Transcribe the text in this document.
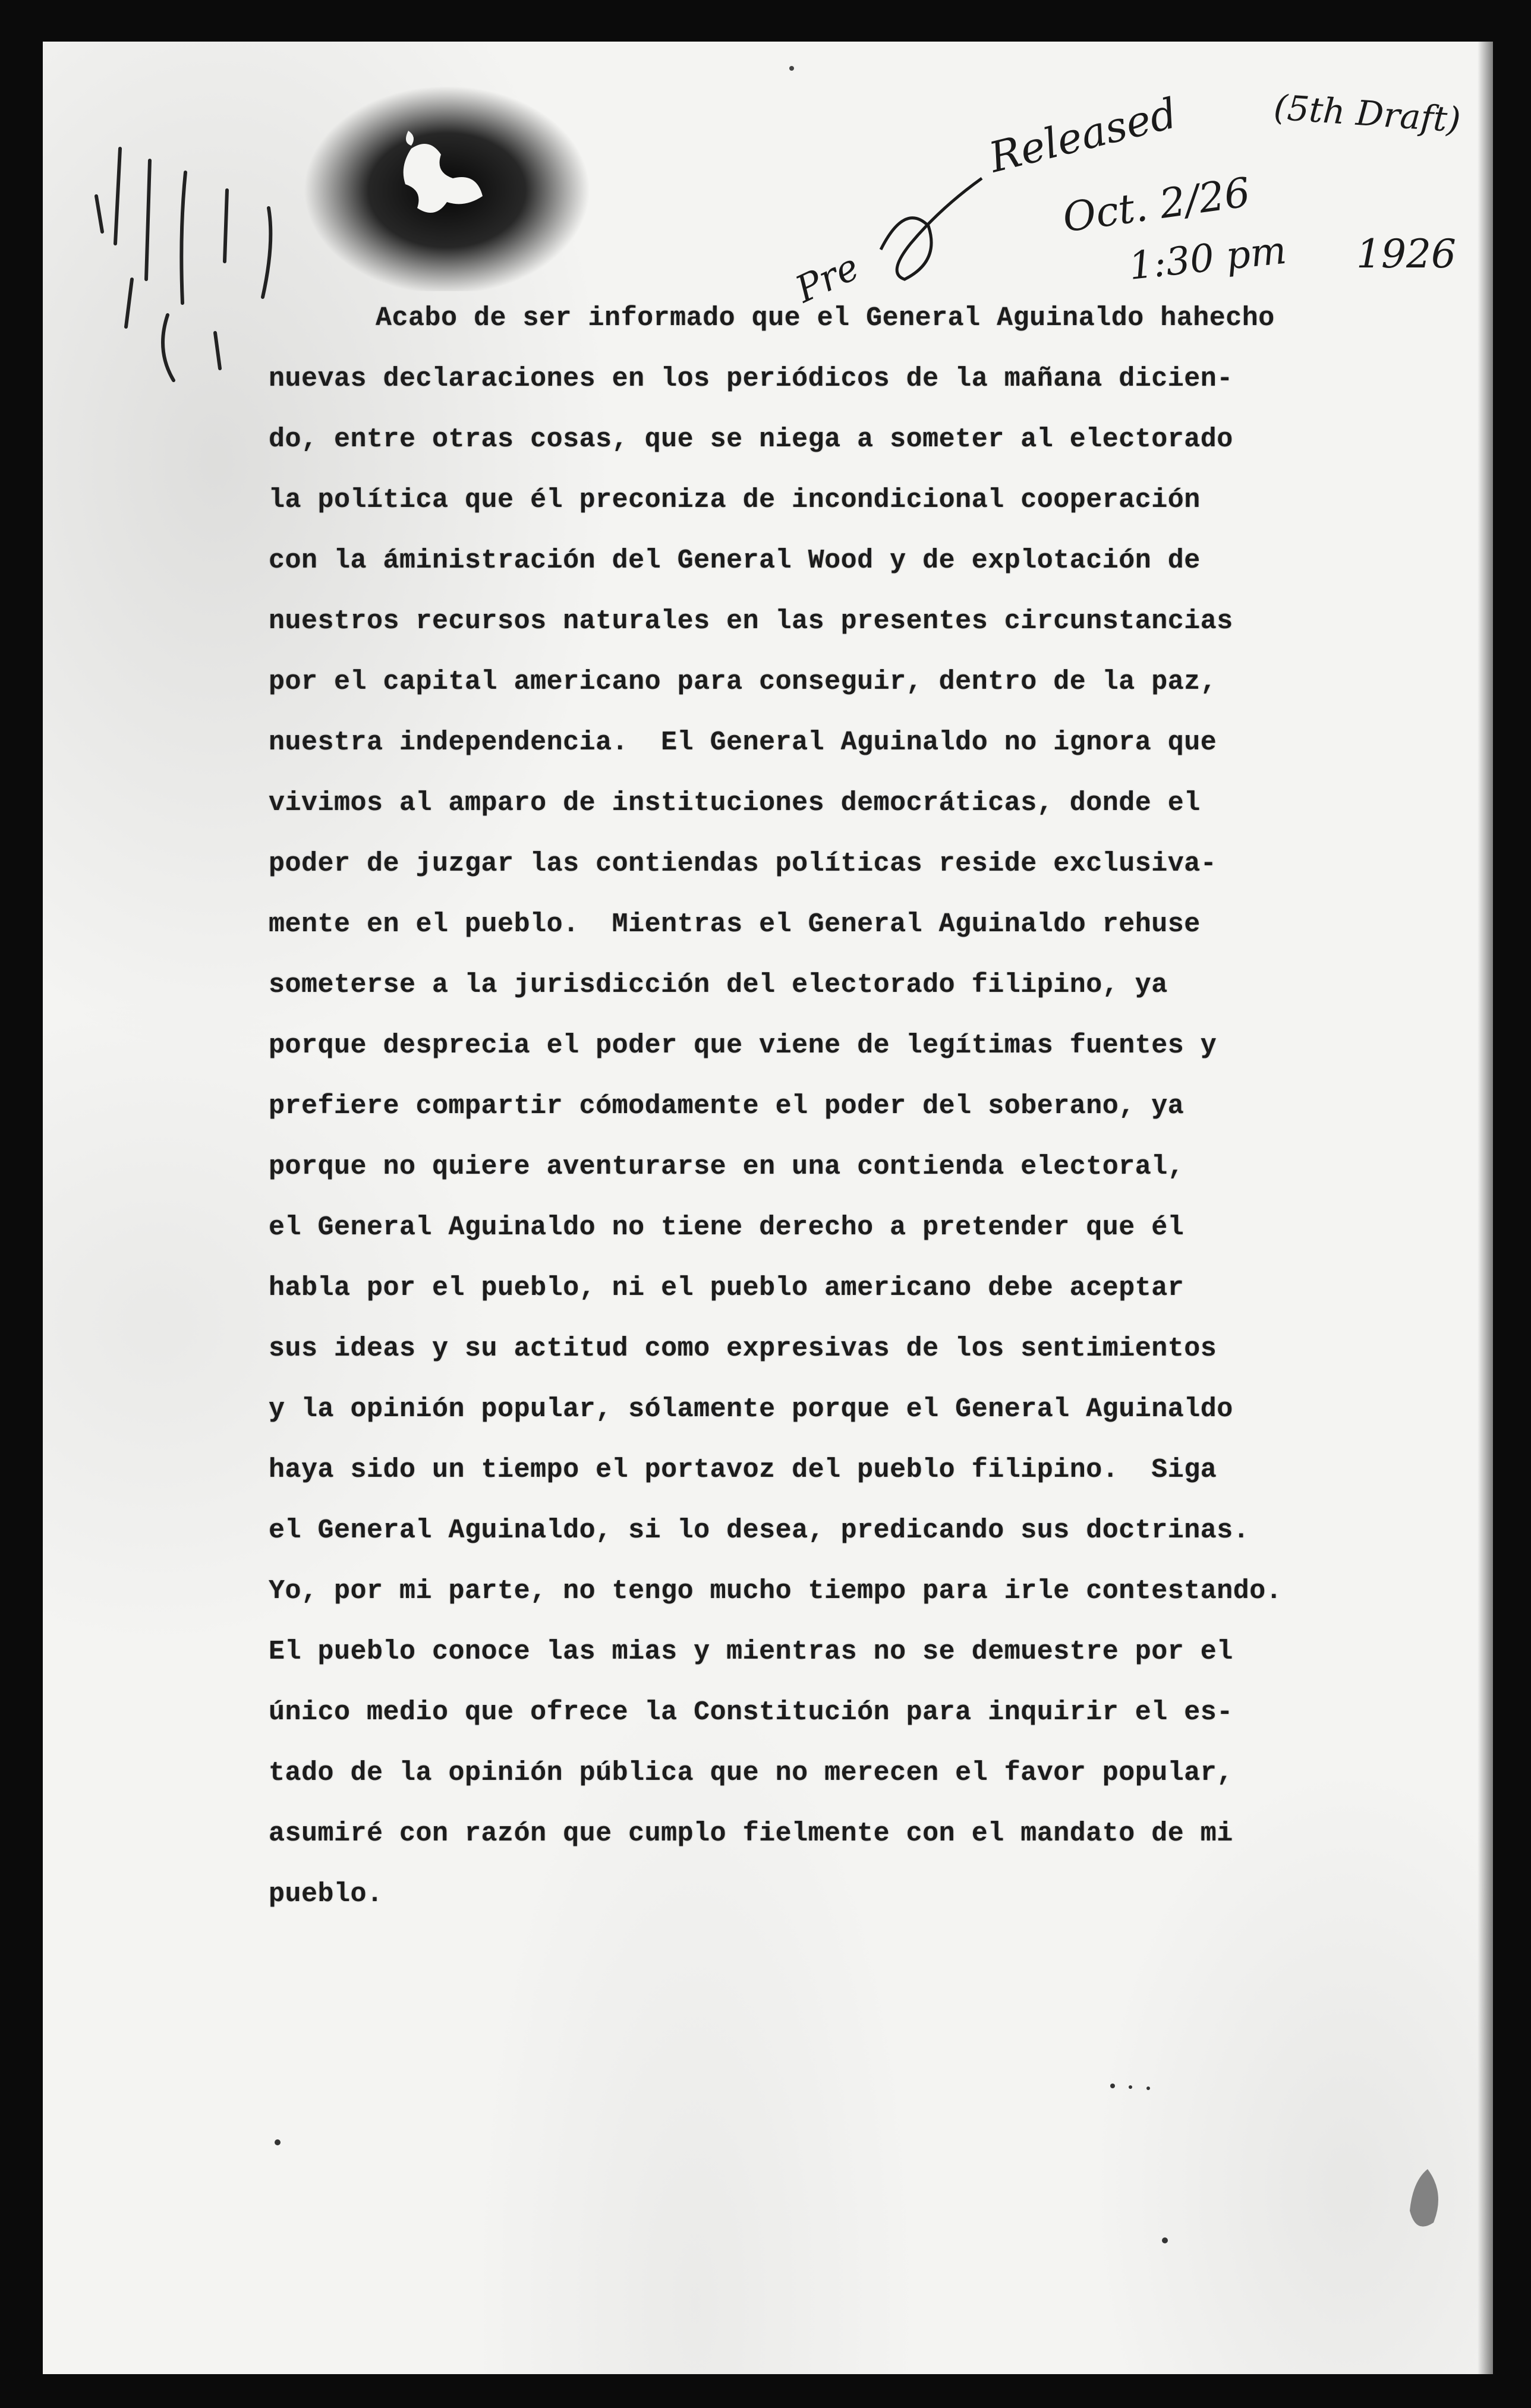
(5th Draft)
Released
Oct. 2/26
1:30 pm 1926
Pre
Acabo de ser informado que el General Aguinaldo hahecho
nuevas declaraciones en los periódicos de la mañana dicien-
do, entre otras cosas, que se niega a someter al electorado
la política que él preconiza de incondicional cooperación
con la áministración del General Wood y de explotación de
nuestros recursos naturales en las presentes circunstancias
por el capital americano para conseguir, dentro de la paz,
nuestra independencia.  El General Aguinaldo no ignora que
vivimos al amparo de instituciones democráticas, donde el
poder de juzgar las contiendas políticas reside exclusiva-
mente en el pueblo.  Mientras el General Aguinaldo rehuse
someterse a la jurisdicción del electorado filipino, ya
porque desprecia el poder que viene de legítimas fuentes y
prefiere compartir cómodamente el poder del soberano, ya
porque no quiere aventurarse en una contienda electoral,
el General Aguinaldo no tiene derecho a pretender que él
habla por el pueblo, ni el pueblo americano debe aceptar
sus ideas y su actitud como expresivas de los sentimientos
y la opinión popular, sólamente porque el General Aguinaldo
haya sido un tiempo el portavoz del pueblo filipino.  Siga
el General Aguinaldo, si lo desea, predicando sus doctrinas.
Yo, por mi parte, no tengo mucho tiempo para irle contestando.
El pueblo conoce las mias y mientras no se demuestre por el
único medio que ofrece la Constitución para inquirir el es-
tado de la opinión pública que no merecen el favor popular,
asumiré con razón que cumplo fielmente con el mandato de mi
pueblo.
